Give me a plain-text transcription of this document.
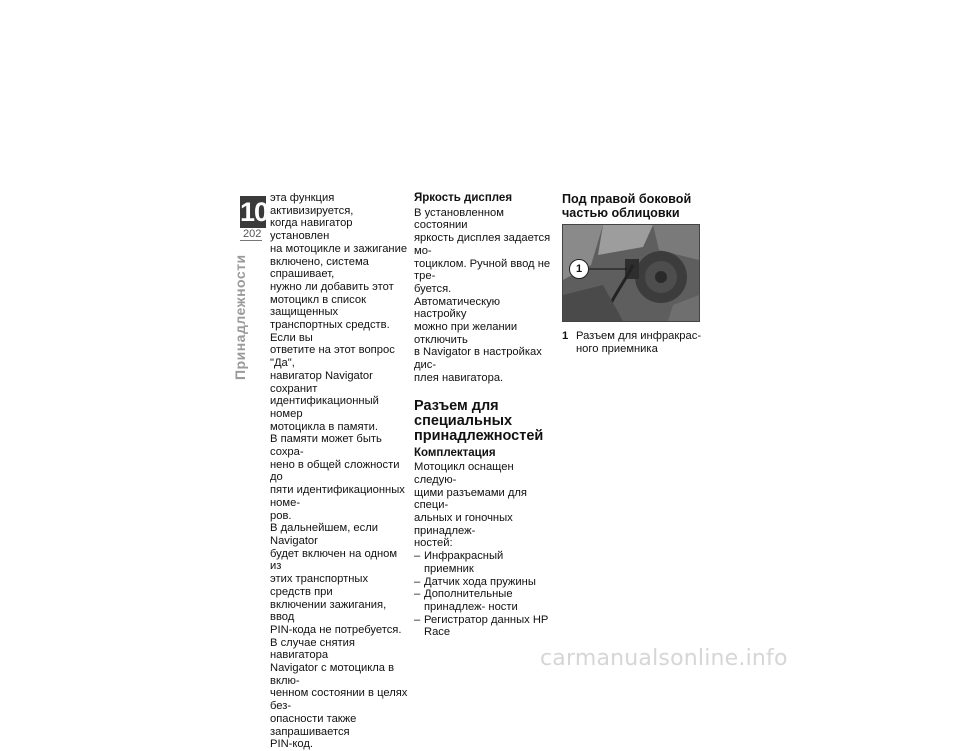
10
202
Принадлежности

эта функция активизируется,

когда навигатор установлен

на мотоцикле и зажигание

включено, система спрашивает,

нужно ли добавить этот

мотоцикл в список защищенных

транспортных средств. Если вы

ответите на этот вопрос "Да",

навигатор Navigator сохранит

идентификационный номер

мотоцикла в памяти.

В памяти может быть сохра-

нено в общей сложности до

пяти идентификационных номе-

ров.

В дальнейшем, если Navigator

будет включен на одном из

этих транспортных средств при

включении зажигания, ввод

PIN-кода не потребуется.

В случае снятия навигатора

Navigator с мотоцикла в вклю-

ченном состоянии в целях без-

опасности также запрашивается

PIN-код.

Яркость дисплея

В установленном состоянии

яркость дисплея задается мо-

тоциклом. Ручной ввод не тре-

буется.

Автоматическую настройку

можно при желании отключить

в Navigator в настройках дис-

плея навигатора.

Разъем для
специальных
принадлежностей
Комплектация

Мотоцикл оснащен следую-

щими разъемами для специ-

альных и гоночных принадлеж-

ностей:

– Инфракрасный приемник
– Датчик хода пружины
– Дополнительные принадлеж- ности
– Регистратор данных HP Race
Под правой боковой
частью облицовки
1
1 Разъем для инфракрас- ного приемника
carmanualsonline.info
